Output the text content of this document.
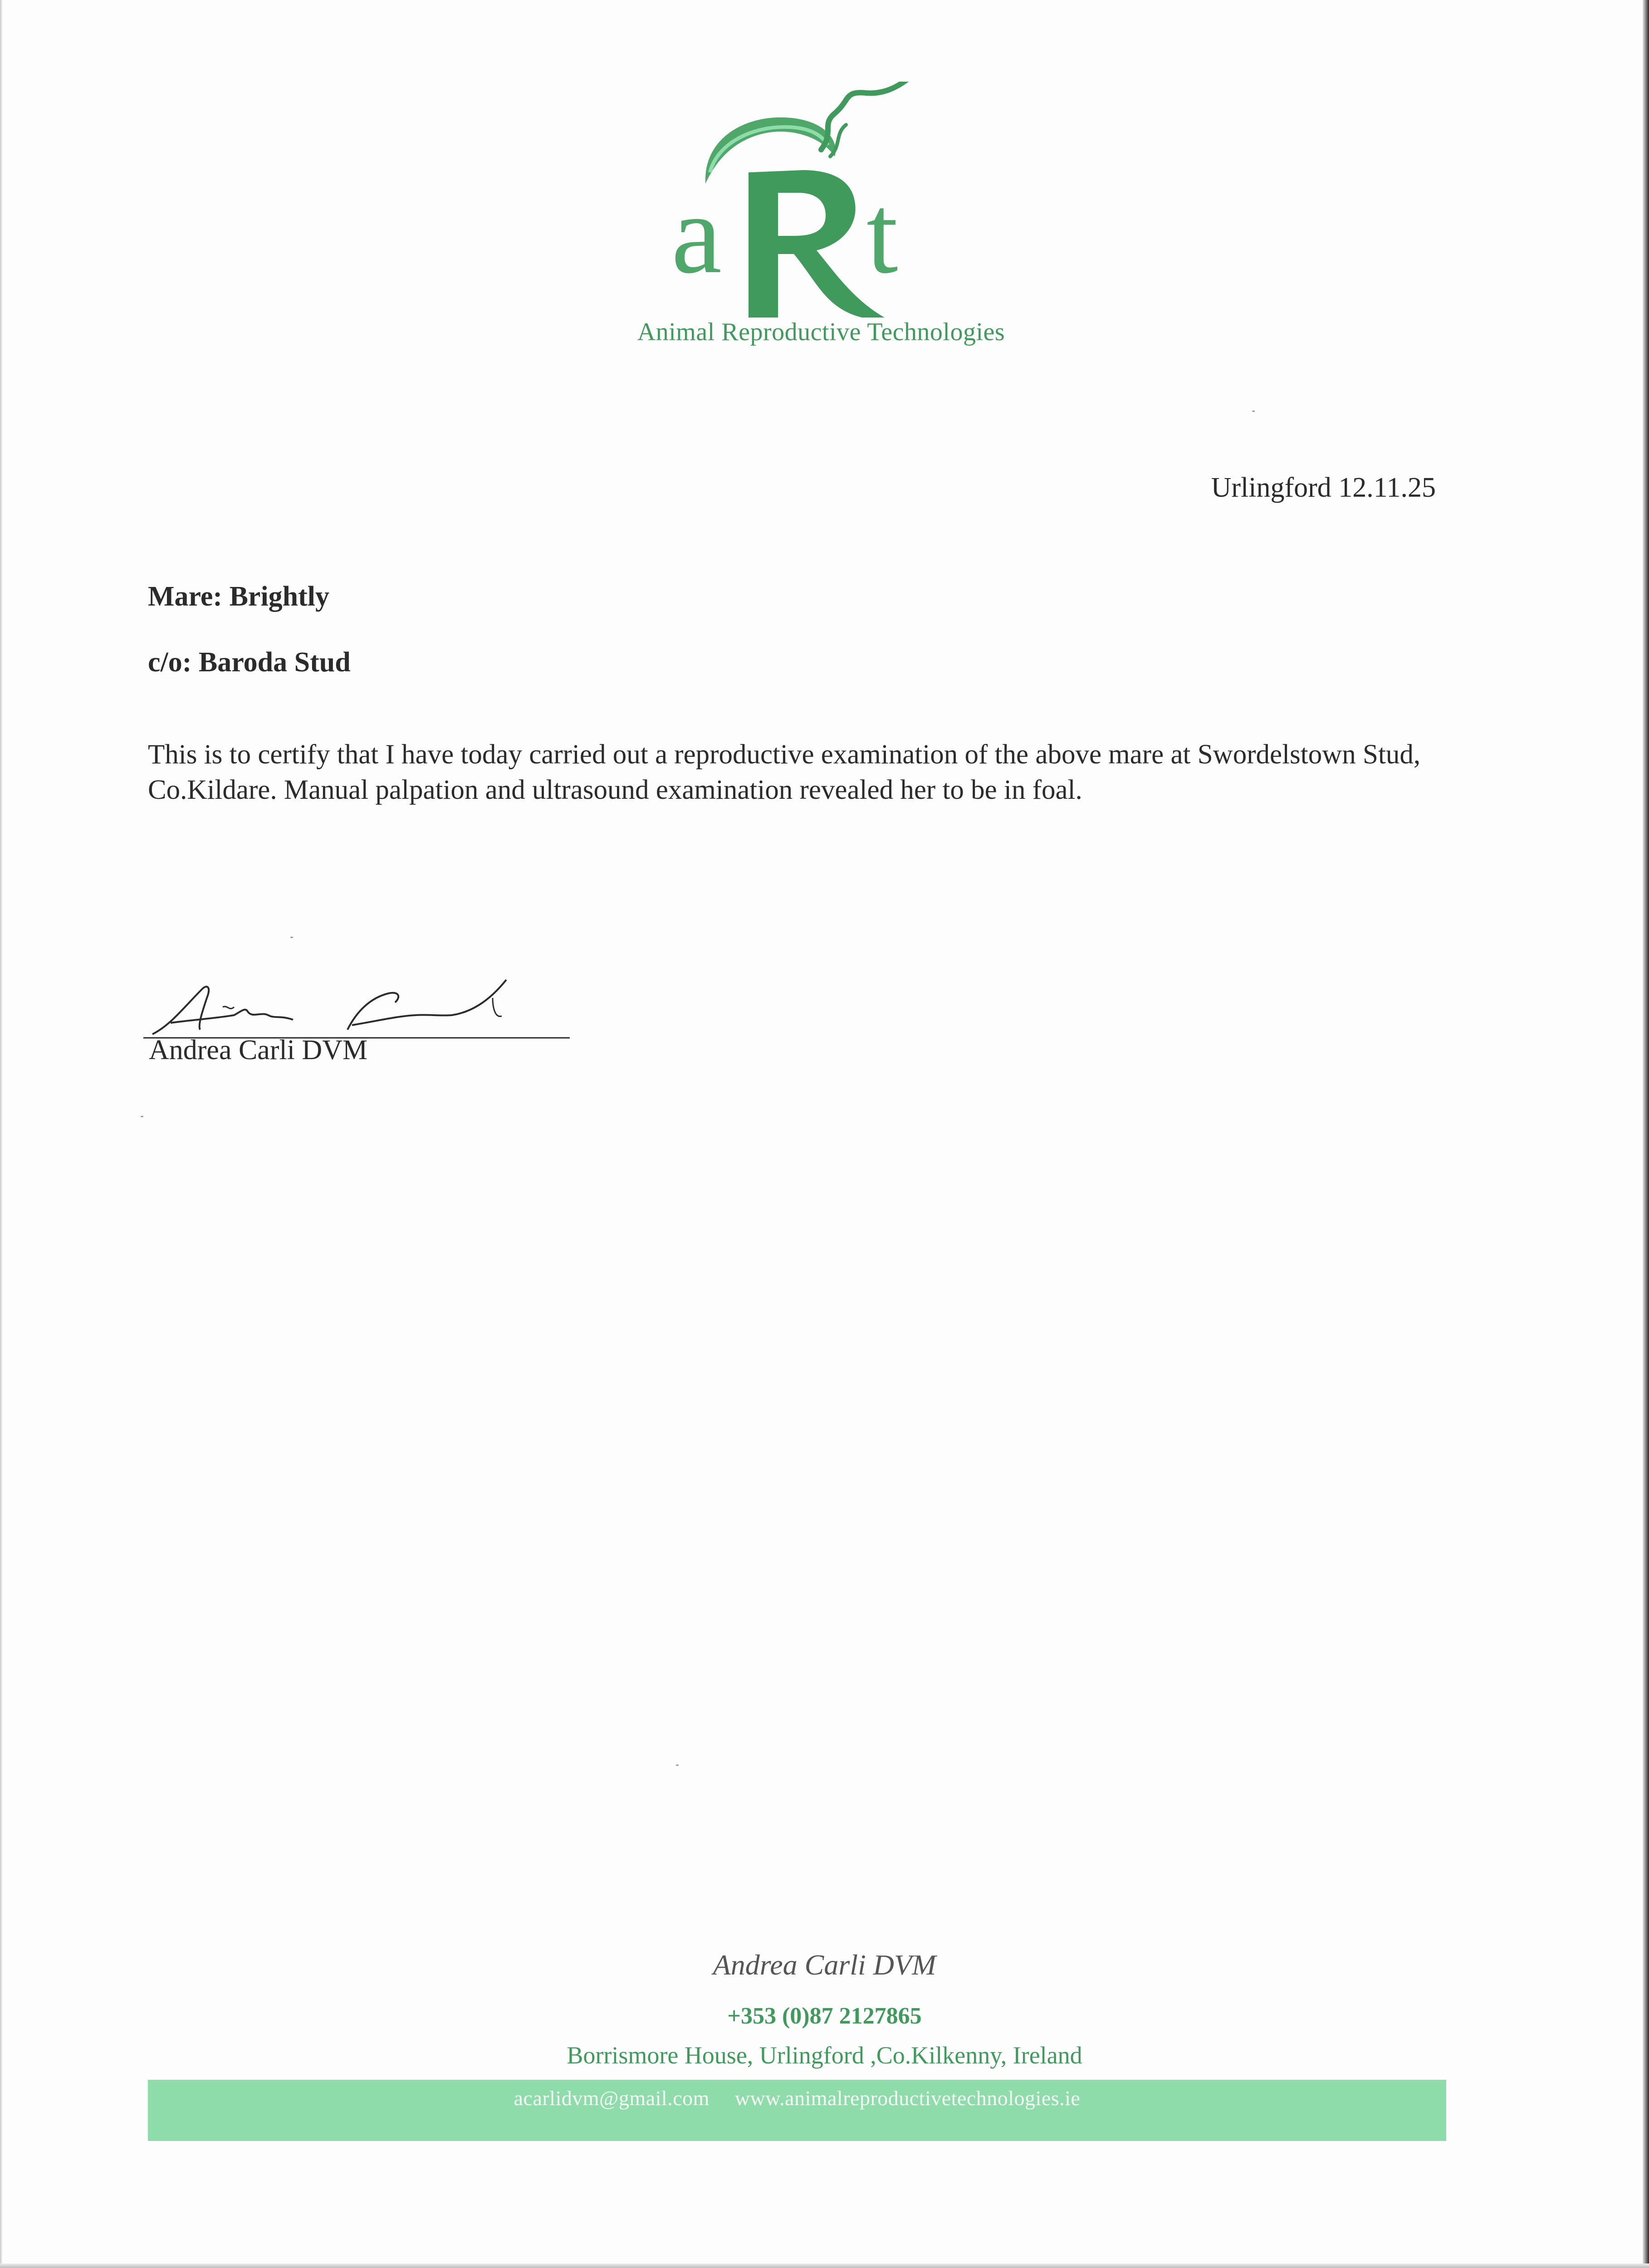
a t
Animal Reproductive Technologies
Urlingford 12.11.25
Mare: Brightly
c/o: Baroda Stud
This is to certify that I have today carried out a reproductive examination of the above mare at Swordelstown Stud, Co.Kildare. Manual palpation and ultrasound examination revealed her to be in foal.
Andrea Carli DVM
Andrea Carli DVM
+353 (0)87 2127865
Borrismore House, Urlingford ,Co.Kilkenny, Ireland
acarlidvm@gmail.com www.animalreproductivetechnologies.ie
